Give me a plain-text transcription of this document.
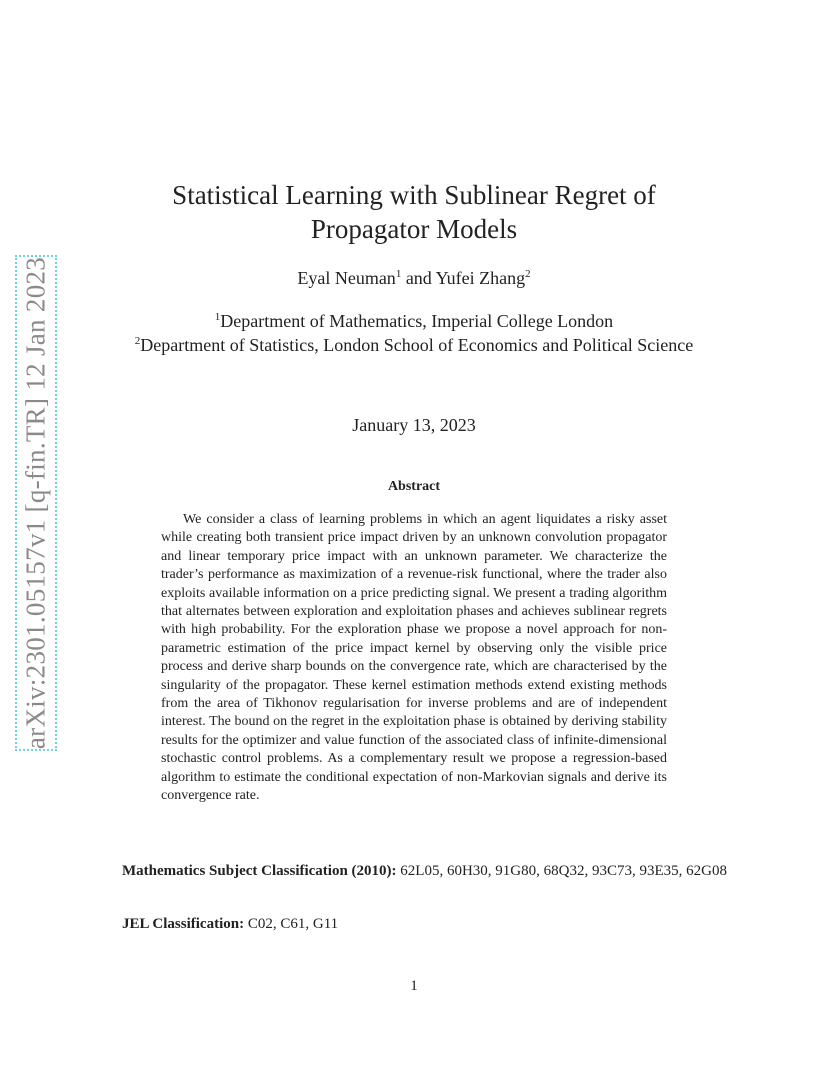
arXiv:2301.05157v1 [q-fin.TR] 12 Jan 2023
Statistical Learning with Sublinear Regret of
Propagator Models
Eyal Neuman$^1$ and Yufei Zhang$^2$
$^1$Department of Mathematics, Imperial College London
$^2$Department of Statistics, London School of Economics and Political Science
January 13, 2023
Abstract
We consider a class of learning problems in which an agent liquidates a risky asset while creating both transient price impact driven by an unknown convolution propagator and linear temporary price impact with an unknown parameter. We characterize the trader’s performance as maximization of a revenue-risk functional, where the trader also exploits available information on a price predicting signal. We present a trading algorithm that alternates between exploration and exploitation phases and achieves sublinear regrets with high probability. For the exploration phase we propose a novel approach for non-parametric estimation of the price impact kernel by observing only the visible price process and derive sharp bounds on the convergence rate, which are characterised by the singularity of the propagator. These kernel estimation methods extend existing methods from the area of Tikhonov regularisation for inverse problems and are of independent interest. The bound on the regret in the exploitation phase is obtained by deriving stability results for the optimizer and value function of the associated class of infinite-dimensional stochastic control problems. As a complementary result we propose a regression-based algorithm to estimate the conditional expectation of non-Markovian signals and derive its convergence rate.
Mathematics Subject Classification (2010): 62L05, 60H30, 91G80, 68Q32, 93C73, 93E35, 62G08
JEL Classification: C02, C61, G11
1
